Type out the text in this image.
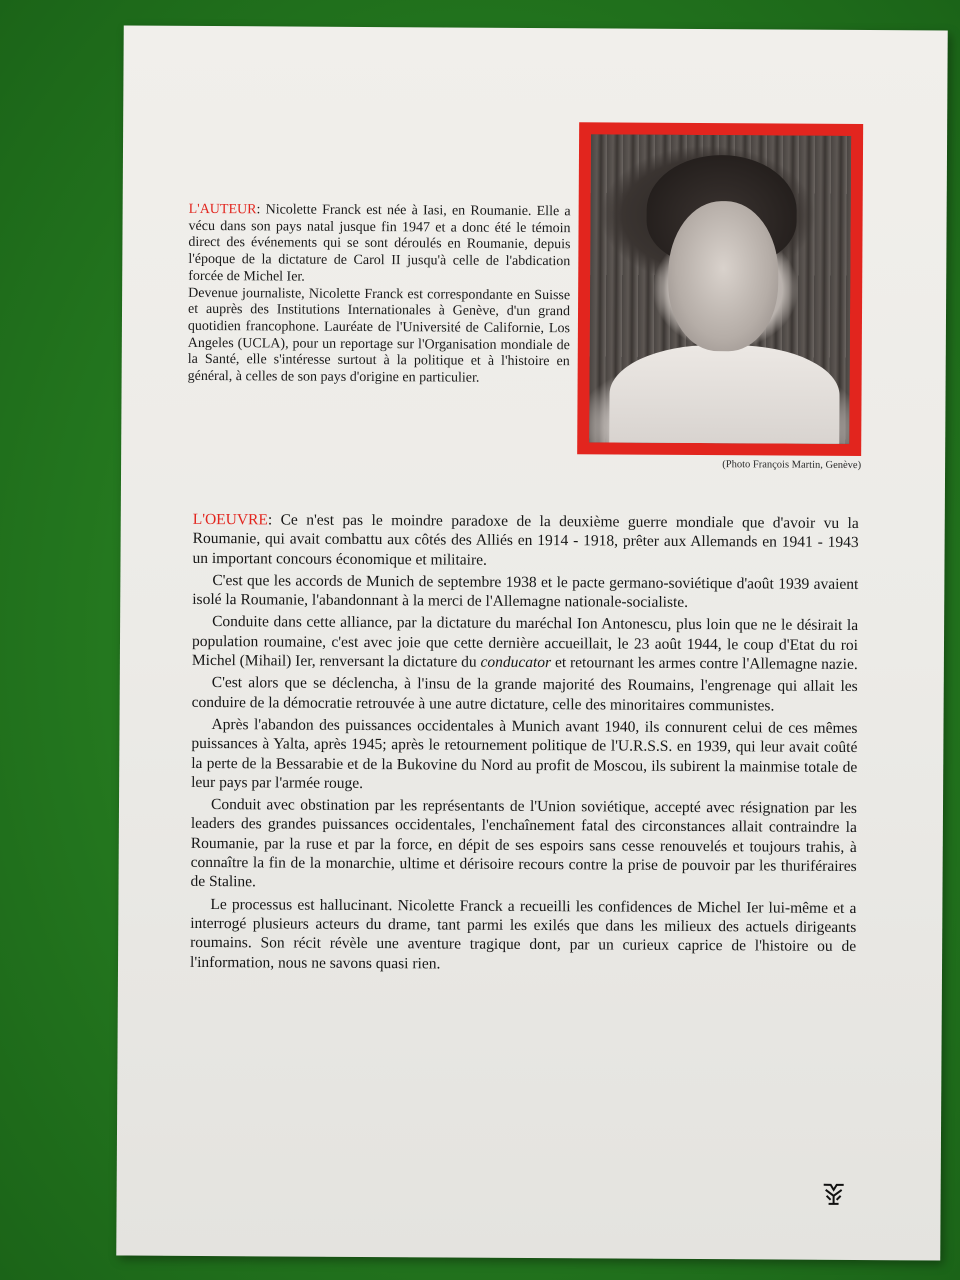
L'AUTEUR: Nicolette Franck est née à Iasi, en Roumanie. Elle a vécu dans son pays natal jusque fin 1947 et a donc été le témoin direct des événements qui se sont déroulés en Roumanie, depuis l'époque de la dictature de Carol II jusqu'à celle de l'abdication forcée de Michel Ier.

Devenue journaliste, Nicolette Franck est correspondante en Suisse et auprès des Institutions Internationales à Genève, d'un grand quotidien francophone. Lauréate de l'Université de Californie, Los Angeles (UCLA), pour un reportage sur l'Organisation mondiale de la Santé, elle s'intéresse surtout à la politique et à l'histoire en général, à celles de son pays d'origine en particulier.

(Photo François Martin, Genève)

L'OEUVRE: Ce n'est pas le moindre paradoxe de la deuxième guerre mondiale que d'avoir vu la Roumanie, qui avait combattu aux côtés des Alliés en 1914 - 1918, prêter aux Allemands en 1941 - 1943 un important concours économique et militaire.

C'est que les accords de Munich de septembre 1938 et le pacte germano-soviétique d'août 1939 avaient isolé la Roumanie, l'abandonnant à la merci de l'Allemagne nationale-socialiste.

Conduite dans cette alliance, par la dictature du maréchal Ion Antonescu, plus loin que ne le désirait la population roumaine, c'est avec joie que cette dernière accueillait, le 23 août 1944, le coup d'Etat du roi Michel (Mihail) Ier, renversant la dictature du conducator et retournant les armes contre l'Allemagne nazie.

C'est alors que se déclencha, à l'insu de la grande majorité des Roumains, l'engrenage qui allait les conduire de la démocratie retrouvée à une autre dictature, celle des minoritaires communistes.

Après l'abandon des puissances occidentales à Munich avant 1940, ils connurent celui de ces mêmes puissances à Yalta, après 1945; après le retournement politique de l'U.R.S.S. en 1939, qui leur avait coûté la perte de la Bessarabie et de la Bukovine du Nord au profit de Moscou, ils subirent la mainmise totale de leur pays par l'armée rouge.

Conduit avec obstination par les représentants de l'Union soviétique, accepté avec résignation par les leaders des grandes puissances occidentales, l'enchaînement fatal des circonstances allait contraindre la Roumanie, par la ruse et par la force, en dépit de ses espoirs sans cesse renouvelés et toujours trahis, à connaître la fin de la monarchie, ultime et dérisoire recours contre la prise de pouvoir par les thuriféraires de Staline.

Le processus est hallucinant. Nicolette Franck a recueilli les confidences de Michel Ier lui-même et a interrogé plusieurs acteurs du drame, tant parmi les exilés que dans les milieux des actuels dirigeants roumains. Son récit révèle une aventure tragique dont, par un curieux caprice de l'histoire ou de l'information, nous ne savons quasi rien.
